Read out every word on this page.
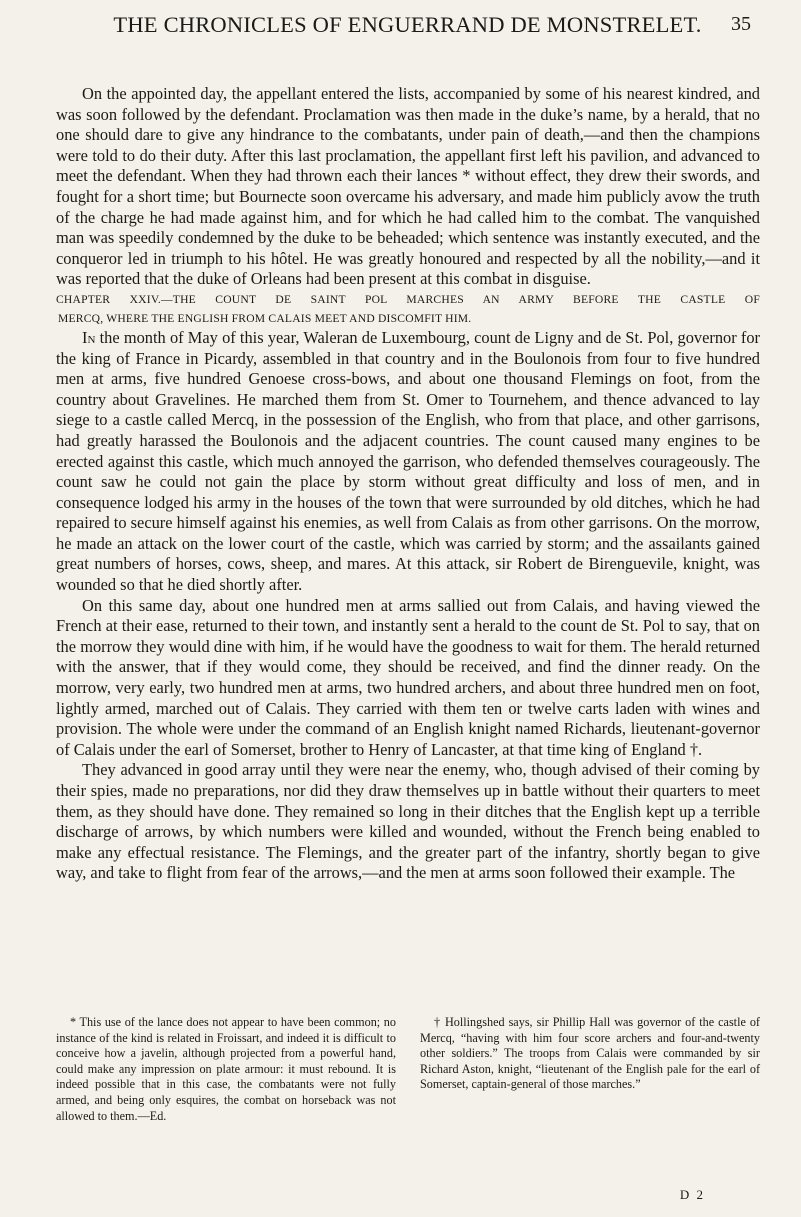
THE CHRONICLES OF ENGUERRAND DE MONSTRELET.	35

On the appointed day, the appellant entered the lists, accompanied by some of his nearest kindred, and was soon followed by the defendant. Proclamation was then made in the duke’s name, by a herald, that no one should dare to give any hindrance to the combatants, under pain of death,—and then the champions were told to do their duty. After this last proclamation, the appellant first left his pavilion, and advanced to meet the defendant. When they had thrown each their lances * without effect, they drew their swords, and fought for a short time; but Bournecte soon overcame his adversary, and made him publicly avow the truth of the charge he had made against him, and for which he had called him to the combat. The vanquished man was speedily condemned by the duke to be beheaded; which sentence was instantly executed, and the conqueror led in triumph to his hôtel. He was greatly honoured and respected by all the nobility,—and it was reported that the duke of Orleans had been present at this combat in disguise.

CHAPTER XXIV.—THE COUNT DE SAINT POL MARCHES AN ARMY BEFORE THE CASTLE OF
MERCQ, WHERE THE ENGLISH FROM CALAIS MEET AND DISCOMFIT HIM.

In the month of May of this year, Waleran de Luxembourg, count de Ligny and de St. Pol, governor for the king of France in Picardy, assembled in that country and in the Boulonois from four to five hundred men at arms, five hundred Genoese cross-bows, and about one thousand Flemings on foot, from the country about Gravelines. He marched them from St. Omer to Tournehem, and thence advanced to lay siege to a castle called Mercq, in the possession of the English, who from that place, and other garrisons, had greatly harassed the Boulonois and the adjacent countries. The count caused many engines to be erected against this castle, which much annoyed the garrison, who defended themselves courageously. The count saw he could not gain the place by storm without great difficulty and loss of men, and in consequence lodged his army in the houses of the town that were surrounded by old ditches, which he had repaired to secure himself against his enemies, as well from Calais as from other garrisons. On the morrow, he made an attack on the lower court of the castle, which was carried by storm; and the assailants gained great numbers of horses, cows, sheep, and mares. At this attack, sir Robert de Birenguevile, knight, was wounded so that he died shortly after.

On this same day, about one hundred men at arms sallied out from Calais, and having viewed the French at their ease, returned to their town, and instantly sent a herald to the count de St. Pol to say, that on the morrow they would dine with him, if he would have the goodness to wait for them. The herald returned with the answer, that if they would come, they should be received, and find the dinner ready. On the morrow, very early, two hundred men at arms, two hundred archers, and about three hundred men on foot, lightly armed, marched out of Calais. They carried with them ten or twelve carts laden with wines and provision. The whole were under the command of an English knight named Richards, lieutenant-governor of Calais under the earl of Somerset, brother to Henry of Lancaster, at that time king of England †.

They advanced in good array until they were near the enemy, who, though advised of their coming by their spies, made no preparations, nor did they draw themselves up in battle without their quarters to meet them, as they should have done. They remained so long in their ditches that the English kept up a terrible discharge of arrows, by which numbers were killed and wounded, without the French being enabled to make any effectual resistance. The Flemings, and the greater part of the infantry, shortly began to give way, and take to flight from fear of the arrows,—and the men at arms soon followed their example. The

* This use of the lance does not appear to have been common; no instance of the kind is related in Froissart, and indeed it is difficult to conceive how a javelin, although projected from a powerful hand, could make any impression on plate armour: it must rebound. It is indeed possible that in this case, the combatants were not fully armed, and being only esquires, the combat on horseback was not allowed to them.—Ed.

† Hollingshed says, sir Phillip Hall was governor of the castle of Mercq, “having with him four score archers and four-and-twenty other soldiers.” The troops from Calais were commanded by sir Richard Aston, knight, “lieutenant of the English pale for the earl of Somerset, captain-general of those marches.”

D 2
